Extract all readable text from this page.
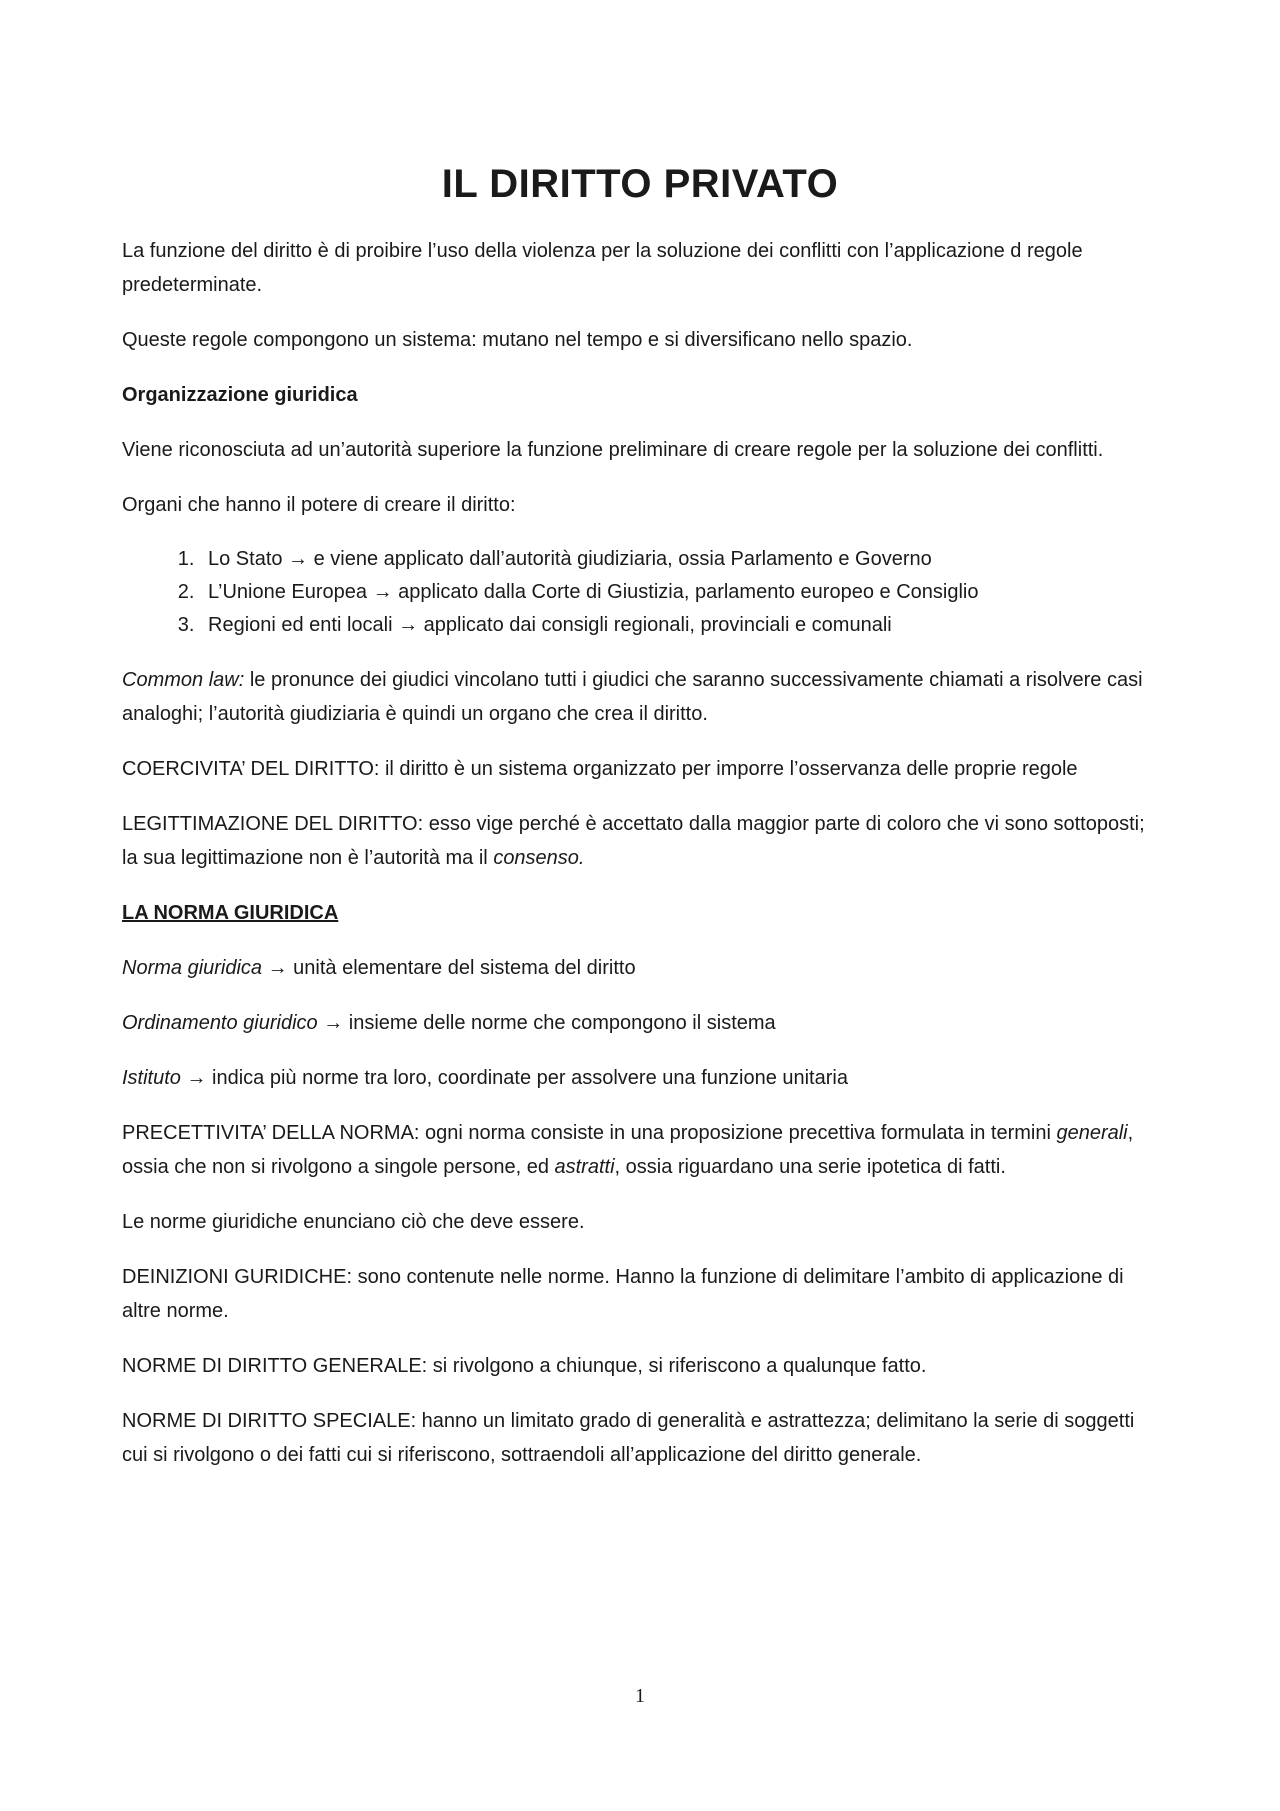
IL DIRITTO PRIVATO

La funzione del diritto è di proibire l’uso della violenza per la soluzione dei conflitti con l’applicazione d regole predeterminate.

Queste regole compongono un sistema: mutano nel tempo e si diversificano nello spazio.

Organizzazione giuridica

Viene riconosciuta ad un’autorità superiore la funzione preliminare di creare regole per la soluzione dei conflitti.

Organi che hanno il potere di creare il diritto:

1. Lo Stato → e viene applicato dall’autorità giudiziaria, ossia Parlamento e Governo
2. L’Unione Europea → applicato dalla Corte di Giustizia, parlamento europeo e Consiglio
3. Regioni ed enti locali → applicato dai consigli regionali, provinciali e comunali

Common law: le pronunce dei giudici vincolano tutti i giudici che saranno successivamente chiamati a risolvere casi analoghi; l’autorità giudiziaria è quindi un organo che crea il diritto.

COERCIVITA’ DEL DIRITTO: il diritto è un sistema organizzato per imporre l’osservanza delle proprie regole

LEGITTIMAZIONE DEL DIRITTO: esso vige perché è accettato dalla maggior parte di coloro che vi sono sottoposti; la sua legittimazione non è l’autorità ma il consenso.

LA NORMA GIURIDICA

Norma giuridica → unità elementare del sistema del diritto

Ordinamento giuridico → insieme delle norme che compongono il sistema

Istituto → indica più norme tra loro, coordinate per assolvere una funzione unitaria

PRECETTIVITA’ DELLA NORMA: ogni norma consiste in una proposizione precettiva formulata in termini generali, ossia che non si rivolgono a singole persone, ed astratti, ossia riguardano una serie ipotetica di fatti.

Le norme giuridiche enunciano ciò che deve essere.

DEINIZIONI GURIDICHE: sono contenute nelle norme. Hanno la funzione di delimitare l’ambito di applicazione di altre norme.

NORME DI DIRITTO GENERALE: si rivolgono a chiunque, si riferiscono a qualunque fatto.

NORME DI DIRITTO SPECIALE: hanno un limitato grado di generalità e astrattezza; delimitano la serie di soggetti cui si rivolgono o dei fatti cui si riferiscono, sottraendoli all’applicazione del diritto generale.

1
